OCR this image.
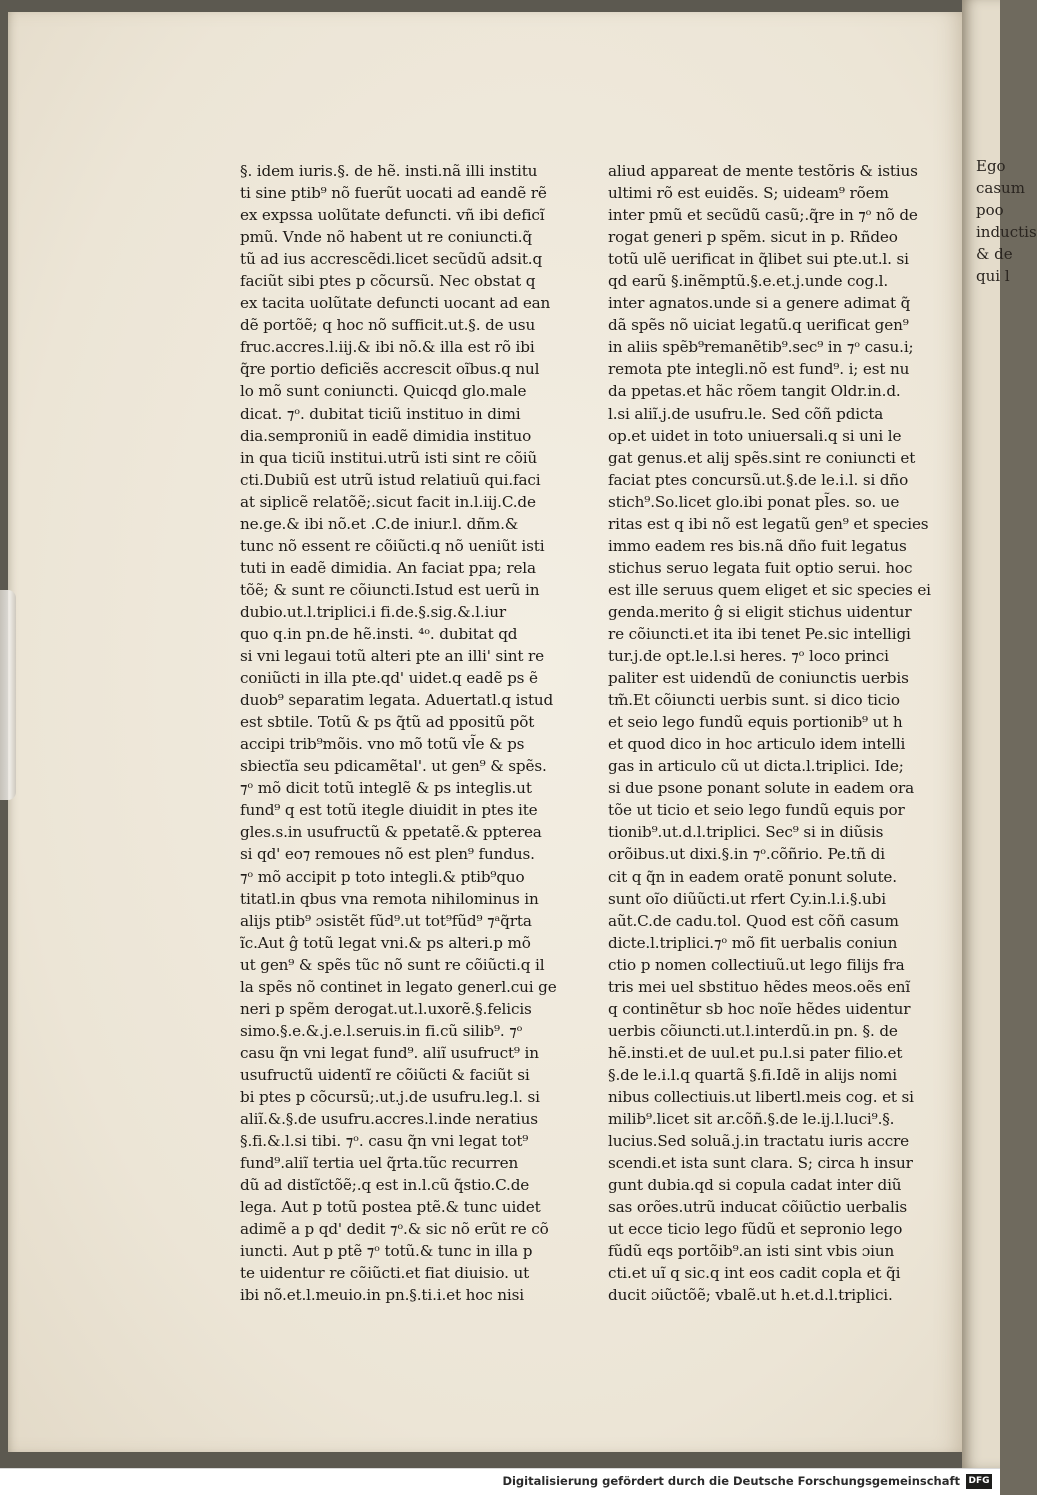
§. idem iuris.§. de hẽ. insti.nã illi institu
ti sine ptib⁹ nõ fuerũt uocati ad eandẽ rẽ
ex expssa uolũtate defuncti. vñ ibi deficĩ
pmũ. Vnde nõ habent ut re coniuncti.q̃
tũ ad ius accrescẽdi.licet secũdũ adsit.q
faciũt sibi ptes p cõcursũ. Nec obstat q
ex tacita uolũtate defuncti uocant ad ean
dẽ portõẽ; q hoc nõ sufficit.ut.§. de usu
fruc.accres.l.iij.& ibi nõ.& illa est rõ ibi
q̃re portio deficiẽs accrescit oĩbus.q nul
lo mõ sunt coniuncti. Quicqd glo.male
dicat. ⁊ᵒ. dubitat ticiũ instituo in dimi
dia.semproniũ in eadẽ dimidia instituo
in qua ticiũ institui.utrũ isti sint re cõiũ
cti.Dubiũ est utrũ istud relatiuũ qui.faci
at siplicẽ relatõẽ;.sicut facit in.l.iij.C.de
ne.ge.& ibi nõ.et .C.de iniur.l. dñm.&
tunc nõ essent re cõiũcti.q nõ ueniũt isti
tuti in eadẽ dimidia. An faciat ppa; rela
tõẽ; & sunt re cõiuncti.Istud est uerũ in
dubio.ut.l.triplici.i fi.de.§.sig.&.l.iur
quo q.in pn.de hẽ.insti. ⁴ᵒ. dubitat qd
si vni legaui totũ alteri pte an illi' sint re
coniũcti in illa pte.qd' uidet.q eadẽ ps ẽ
duob⁹ separatim legata. Aduertatl.q istud
est sbtile. Totũ & ps q̃tũ ad ppositũ põt
accipi trib⁹mõis. vno mõ totũ vl̃e & ps
sbiectĩa seu pdicamẽtal'. ut gen⁹ & spẽs.
⁊ᵒ mõ dicit totũ integlẽ & ps integlis.ut
fund⁹ q est totũ itegle diuidit in ptes ite
gles.s.in usufructũ & ppetatẽ.& ppterea
si qd' eo⁊ remoues nõ est plen⁹ fundus.
⁊ᵒ mõ accipit p toto integli.& ptib⁹quo
titatl.in qbus vna remota nihilominus in
alijs ptib⁹ ɔsistẽt fũd⁹.ut tot⁹fũd⁹ ⁊ᵃq̃rta
ĩc.Aut ĝ totũ legat vni.& ps alteri.p mõ
ut gen⁹ & spẽs tũc nõ sunt re cõiũcti.q il
la spẽs nõ continet in legato generl.cui ge
neri p spẽm derogat.ut.l.uxorẽ.§.felicis
simo.§.e.&.j.e.l.seruis.in fi.cũ silib⁹. ⁊ᵒ
casu q̃n vni legat fund⁹. aliĩ usufruct⁹ in
usufructũ uidentĩ re cõiũcti & faciũt si
bi ptes p cõcursũ;.ut.j.de usufru.leg.l. si
aliĩ.&.§.de usufru.accres.l.inde neratius
§.fi.&.l.si tibi. ⁊ᵒ. casu q̃n vni legat tot⁹
fund⁹.aliĩ tertia uel q̃rta.tũc recurren
dũ ad distĩctõẽ;.q est in.l.cũ q̃stio.C.de
lega. Aut p totũ postea ptẽ.& tunc uidet
adimẽ a p qd' dedit ⁊ᵒ.& sic nõ erũt re cõ
iuncti. Aut p ptẽ ⁊ᵒ totũ.& tunc in illa p
te uidentur re cõiũcti.et fiat diuisio. ut
ibi nõ.et.l.meuio.in pn.§.ti.i.et hoc nisi
aliud appareat de mente testõris & istius
ultimi rõ est euidẽs. S; uideam⁹ rõem
inter pmũ et secũdũ casũ;.q̃re in ⁊ᵒ nõ de
rogat generi p spẽm. sicut in p. Rñdeo
totũ ulẽ uerificat in q̃libet sui pte.ut.l. si
qd earũ §.inẽmptũ.§.e.et.j.unde cog.l.
inter agnatos.unde si a genere adimat q̃
dã spẽs nõ uiciat legatũ.q uerificat gen⁹
in aliis spẽb⁹remanẽtib⁹.sec⁹ in ⁊ᵒ casu.i;
remota pte integli.nõ est fund⁹. i; est nu
da ppetas.et hãc rõem tangit Oldr.in.d.
l.si aliĩ.j.de usufru.le. Sed cõñ pdicta
op.et uidet in toto uniuersali.q si uni le
gat genus.et alij spẽs.sint re coniuncti et
faciat ptes concursũ.ut.§.de le.i.l. si dño
stich⁹.So.licet glo.ibi ponat pl̃es. so. ue
ritas est q ibi nõ est legatũ gen⁹ et species
immo eadem res bis.nã dño fuit legatus
stichus seruo legata fuit optio serui. hoc
est ille seruus quem eliget et sic species ei
genda.merito ĝ si eligit stichus uidentur
re cõiuncti.et ita ibi tenet Pe.sic intelligi
tur.j.de opt.le.l.si heres. ⁊ᵒ loco princi
paliter est uidendũ de coniunctis uerbis
tm̃.Et cõiuncti uerbis sunt. si dico ticio
et seio lego fundũ equis portionib⁹ ut h
et quod dico in hoc articulo idem intelli
gas in articulo cũ ut dicta.l.triplici. Ide;
si due psone ponant solute in eadem ora
tõe ut ticio et seio lego fundũ equis por
tionib⁹.ut.d.l.triplici. Sec⁹ si in diũsis
orõibus.ut dixi.§.in ⁊ᵒ.cõñrio. Pe.tñ di
cit q q̃n in eadem oratẽ ponunt solute.
sunt oĩo diũũcti.ut rfert Cy.in.l.i.§.ubi
aũt.C.de cadu.tol. Quod est cõñ casum
dicte.l.triplici.⁊ᵒ mõ fit uerbalis coniun
ctio p nomen collectiuũ.ut lego filijs fra
tris mei uel sbstituo hẽdes meos.oẽs enĩ
q continẽtur sb hoc noĩe hẽdes uidentur
uerbis cõiuncti.ut.l.interdũ.in pn. §. de
hẽ.insti.et de uul.et pu.l.si pater filio.et
§.de le.i.l.q quartã §.fi.Idẽ in alijs nomi
nibus collectiuis.ut libertl.meis cog. et si
milib⁹.licet sit ar.cõñ.§.de le.ij.l.luci⁹.§.
lucius.Sed soluã.j.in tractatu iuris accre
scendi.et ista sunt clara. S; circa h insur
gunt dubia.qd si copula cadat inter diũ
sas orões.utrũ inducat cõiũctio uerbalis
ut ecce ticio lego fũdũ et sepronio lego
fũdũ eqs portõib⁹.an isti sint vbis ɔiun
cti.et uĩ q sic.q int eos cadit copla et q̃i
ducit ɔiũctõẽ; vbalẽ.ut h.et.d.l.triplici.
Ego
casum
poo
inductis
& de
qui l
Digitalisierung gefördert durch die Deutsche Forschungsgemeinschaft DFG
